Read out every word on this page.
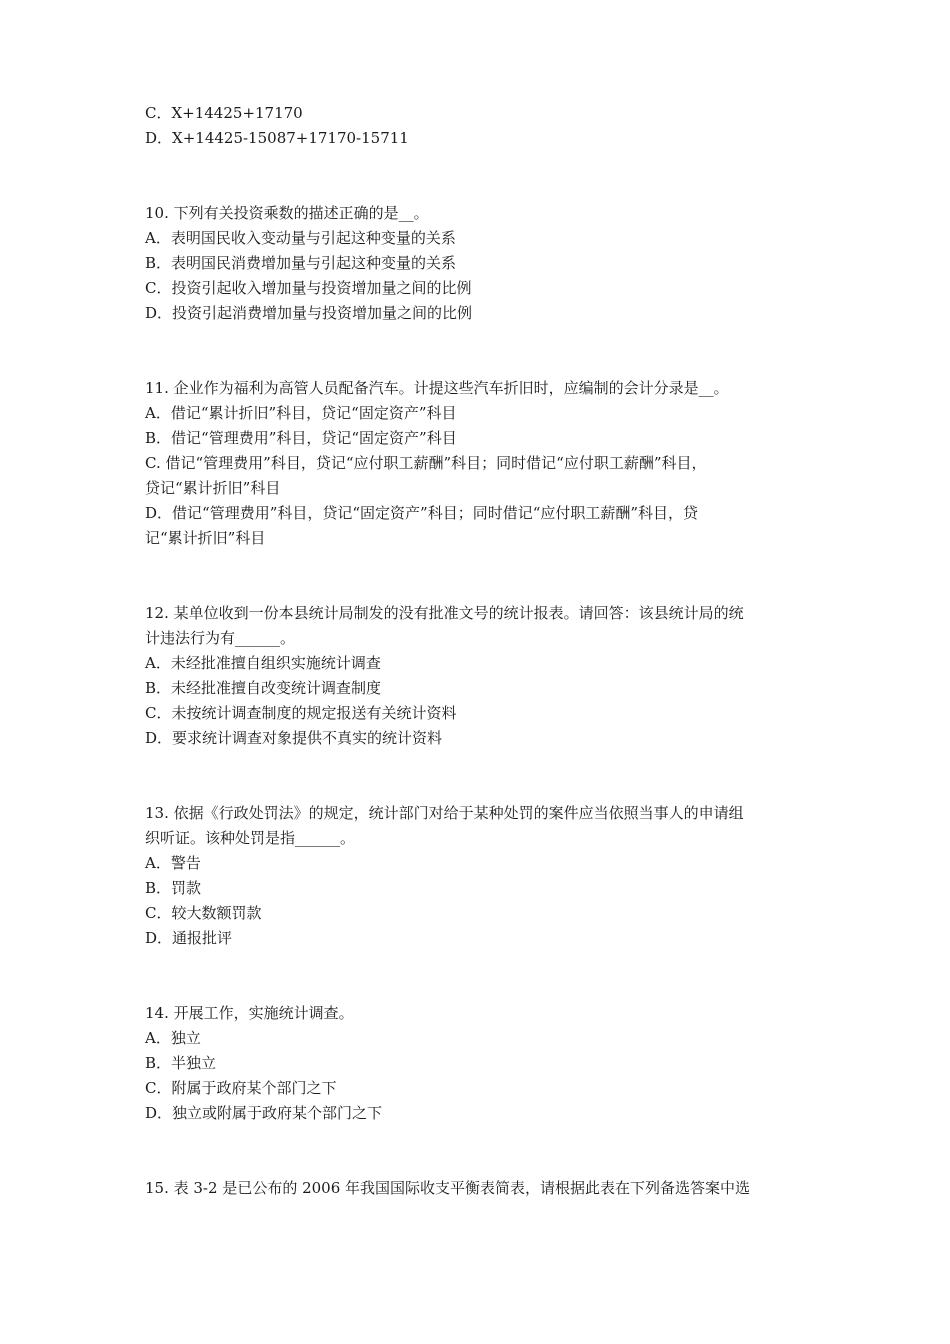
C．X+14425+17170
D．X+14425-15087+17170-15711
10. 下列有关投资乘数的描述正确的是__。
A．表明国民收入变动量与引起这种变量的关系
B．表明国民消费增加量与引起这种变量的关系
C．投资引起收入增加量与投资增加量之间的比例
D．投资引起消费增加量与投资增加量之间的比例
11. 企业作为福利为高管人员配备汽车。计提这些汽车折旧时，应编制的会计分录是__。
A．借记“累计折旧”科目，贷记“固定资产”科目
B．借记“管理费用”科目，贷记“固定资产”科目
C. 借记“管理费用”科目，贷记“应付职工薪酬”科目；同时借记“应付职工薪酬”科目，
贷记“累计折旧”科目
D．借记“管理费用”科目，贷记“固定资产”科目；同时借记“应付职工薪酬”科目，贷
记“累计折旧”科目
12. 某单位收到一份本县统计局制发的没有批准文号的统计报表。请回答：该县统计局的统
计违法行为有______。
A．未经批准擅自组织实施统计调查
B．未经批准擅自改变统计调查制度
C．未按统计调查制度的规定报送有关统计资料
D．要求统计调查对象提供不真实的统计资料
13. 依据《行政处罚法》的规定，统计部门对给于某种处罚的案件应当依照当事人的申请组
织听证。该种处罚是指______。
A．警告
B．罚款
C．较大数额罚款
D．通报批评
14. 开展工作，实施统计调查。
A．独立
B．半独立
C．附属于政府某个部门之下
D．独立或附属于政府某个部门之下
15. 表 3-2 是已公布的 2006 年我国国际收支平衡表简表，请根据此表在下列备选答案中选
